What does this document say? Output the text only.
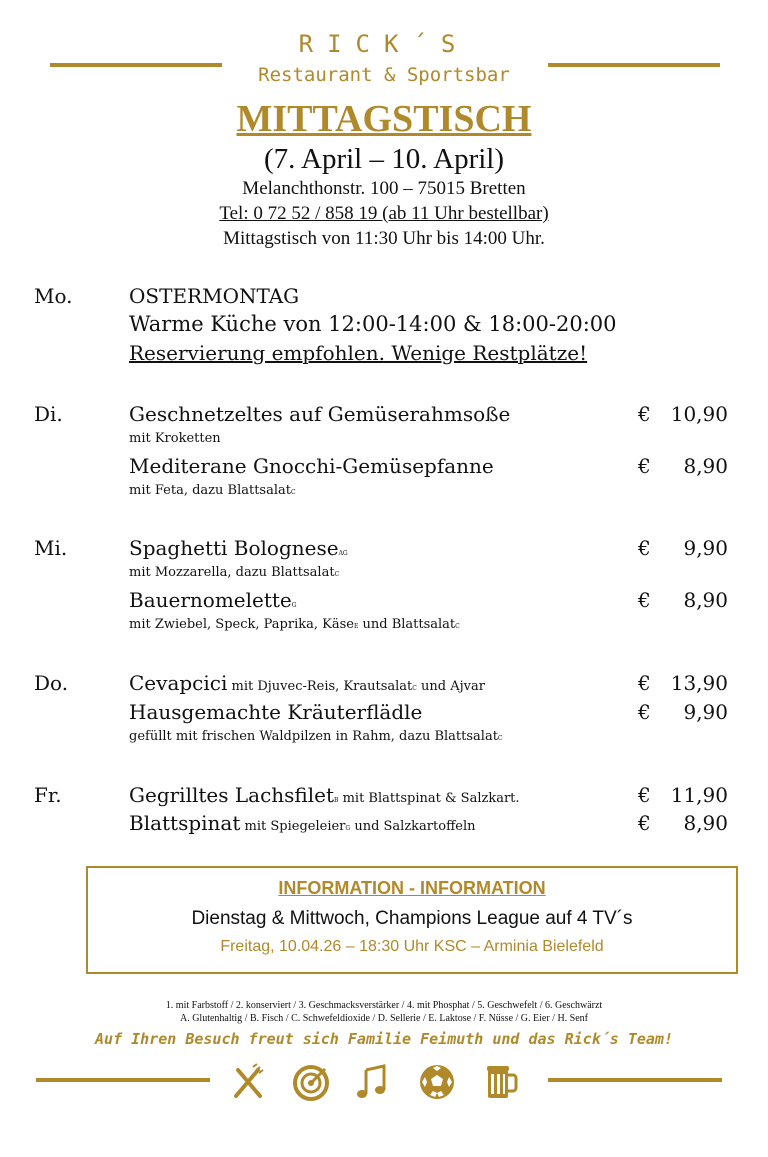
RICK´S
Restaurant & Sportsbar
MITTAGSTISCH
(7. April – 10. April)
Melanchthonstr. 100 – 75015 Bretten
Tel: 0 72 52 / 858 19 (ab 11 Uhr bestellbar)
Mittagstisch von 11:30 Uhr bis 14:00 Uhr.
Mo.	OSTERMONTAG
Warme Küche von 12:00-14:00 & 18:00-20:00
Reservierung empfohlen. Wenige Restplätze!
Di.	Geschnetzeltes auf Gemüserahmsoße	€ 10,90
mit Kroketten
Mediterane Gnocchi-Gemüsepfanne	€ 8,90
mit Feta, dazu BlattsalatC
Mi.	Spaghetti BologneseAG	€ 9,90
mit Mozzarella, dazu BlattsalatC
BauernomeletteG	€ 8,90
mit Zwiebel, Speck, Paprika, KäseE und BlattsalatC
Do.	Cevapcici mit Djuvec-Reis, KrautsalatC und Ajvar	€ 13,90
Hausgemachte Kräuterflädle	€ 9,90
gefüllt mit frischen Waldpilzen in Rahm, dazu BlattsalatC
Fr.	Gegrilltes LachsfiletB mit Blattspinat & Salzkart.	€ 11,90
Blattspinat mit SpiegeleierG und Salzkartoffeln	€ 8,90
INFORMATION - INFORMATION
Dienstag & Mittwoch, Champions League auf 4 TV´s
Freitag, 10.04.26 – 18:30 Uhr KSC – Arminia Bielefeld
1. mit Farbstoff / 2. konserviert / 3. Geschmacksverstärker / 4. mit Phosphat / 5. Geschwefelt / 6. Geschwärzt
A. Glutenhaltig / B. Fisch / C. Schwefeldioxide / D. Sellerie / E. Laktose / F. Nüsse / G. Eier / H. Senf
Auf Ihren Besuch freut sich Familie Feimuth und das Rick´s Team!
